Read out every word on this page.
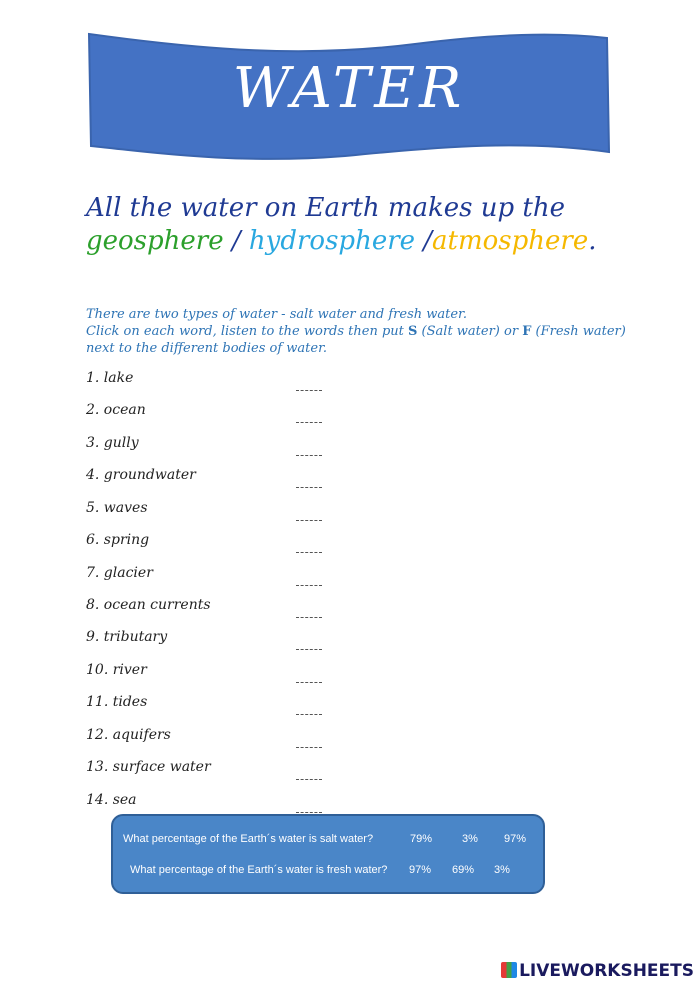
WATER
All the water on Earth makes up the
geosphere / hydrosphere /atmosphere.
There are two types of water - salt water and fresh water.
Click on each word, listen to the words then put S (Salt water) or F (Fresh water) next to the different bodies of water.
1. lake
2. ocean
3. gully
4. groundwater
5. waves
6. spring
7. glacier
8. ocean currents
9. tributary
10. river
11. tides
12. aquifers
13. surface water
14. sea
What percentage of the Earth´s water is salt water?	79%	3% 97%
What percentage of the Earth´s water is fresh water? 97% 69% 3%
LIVEWORKSHEETS
